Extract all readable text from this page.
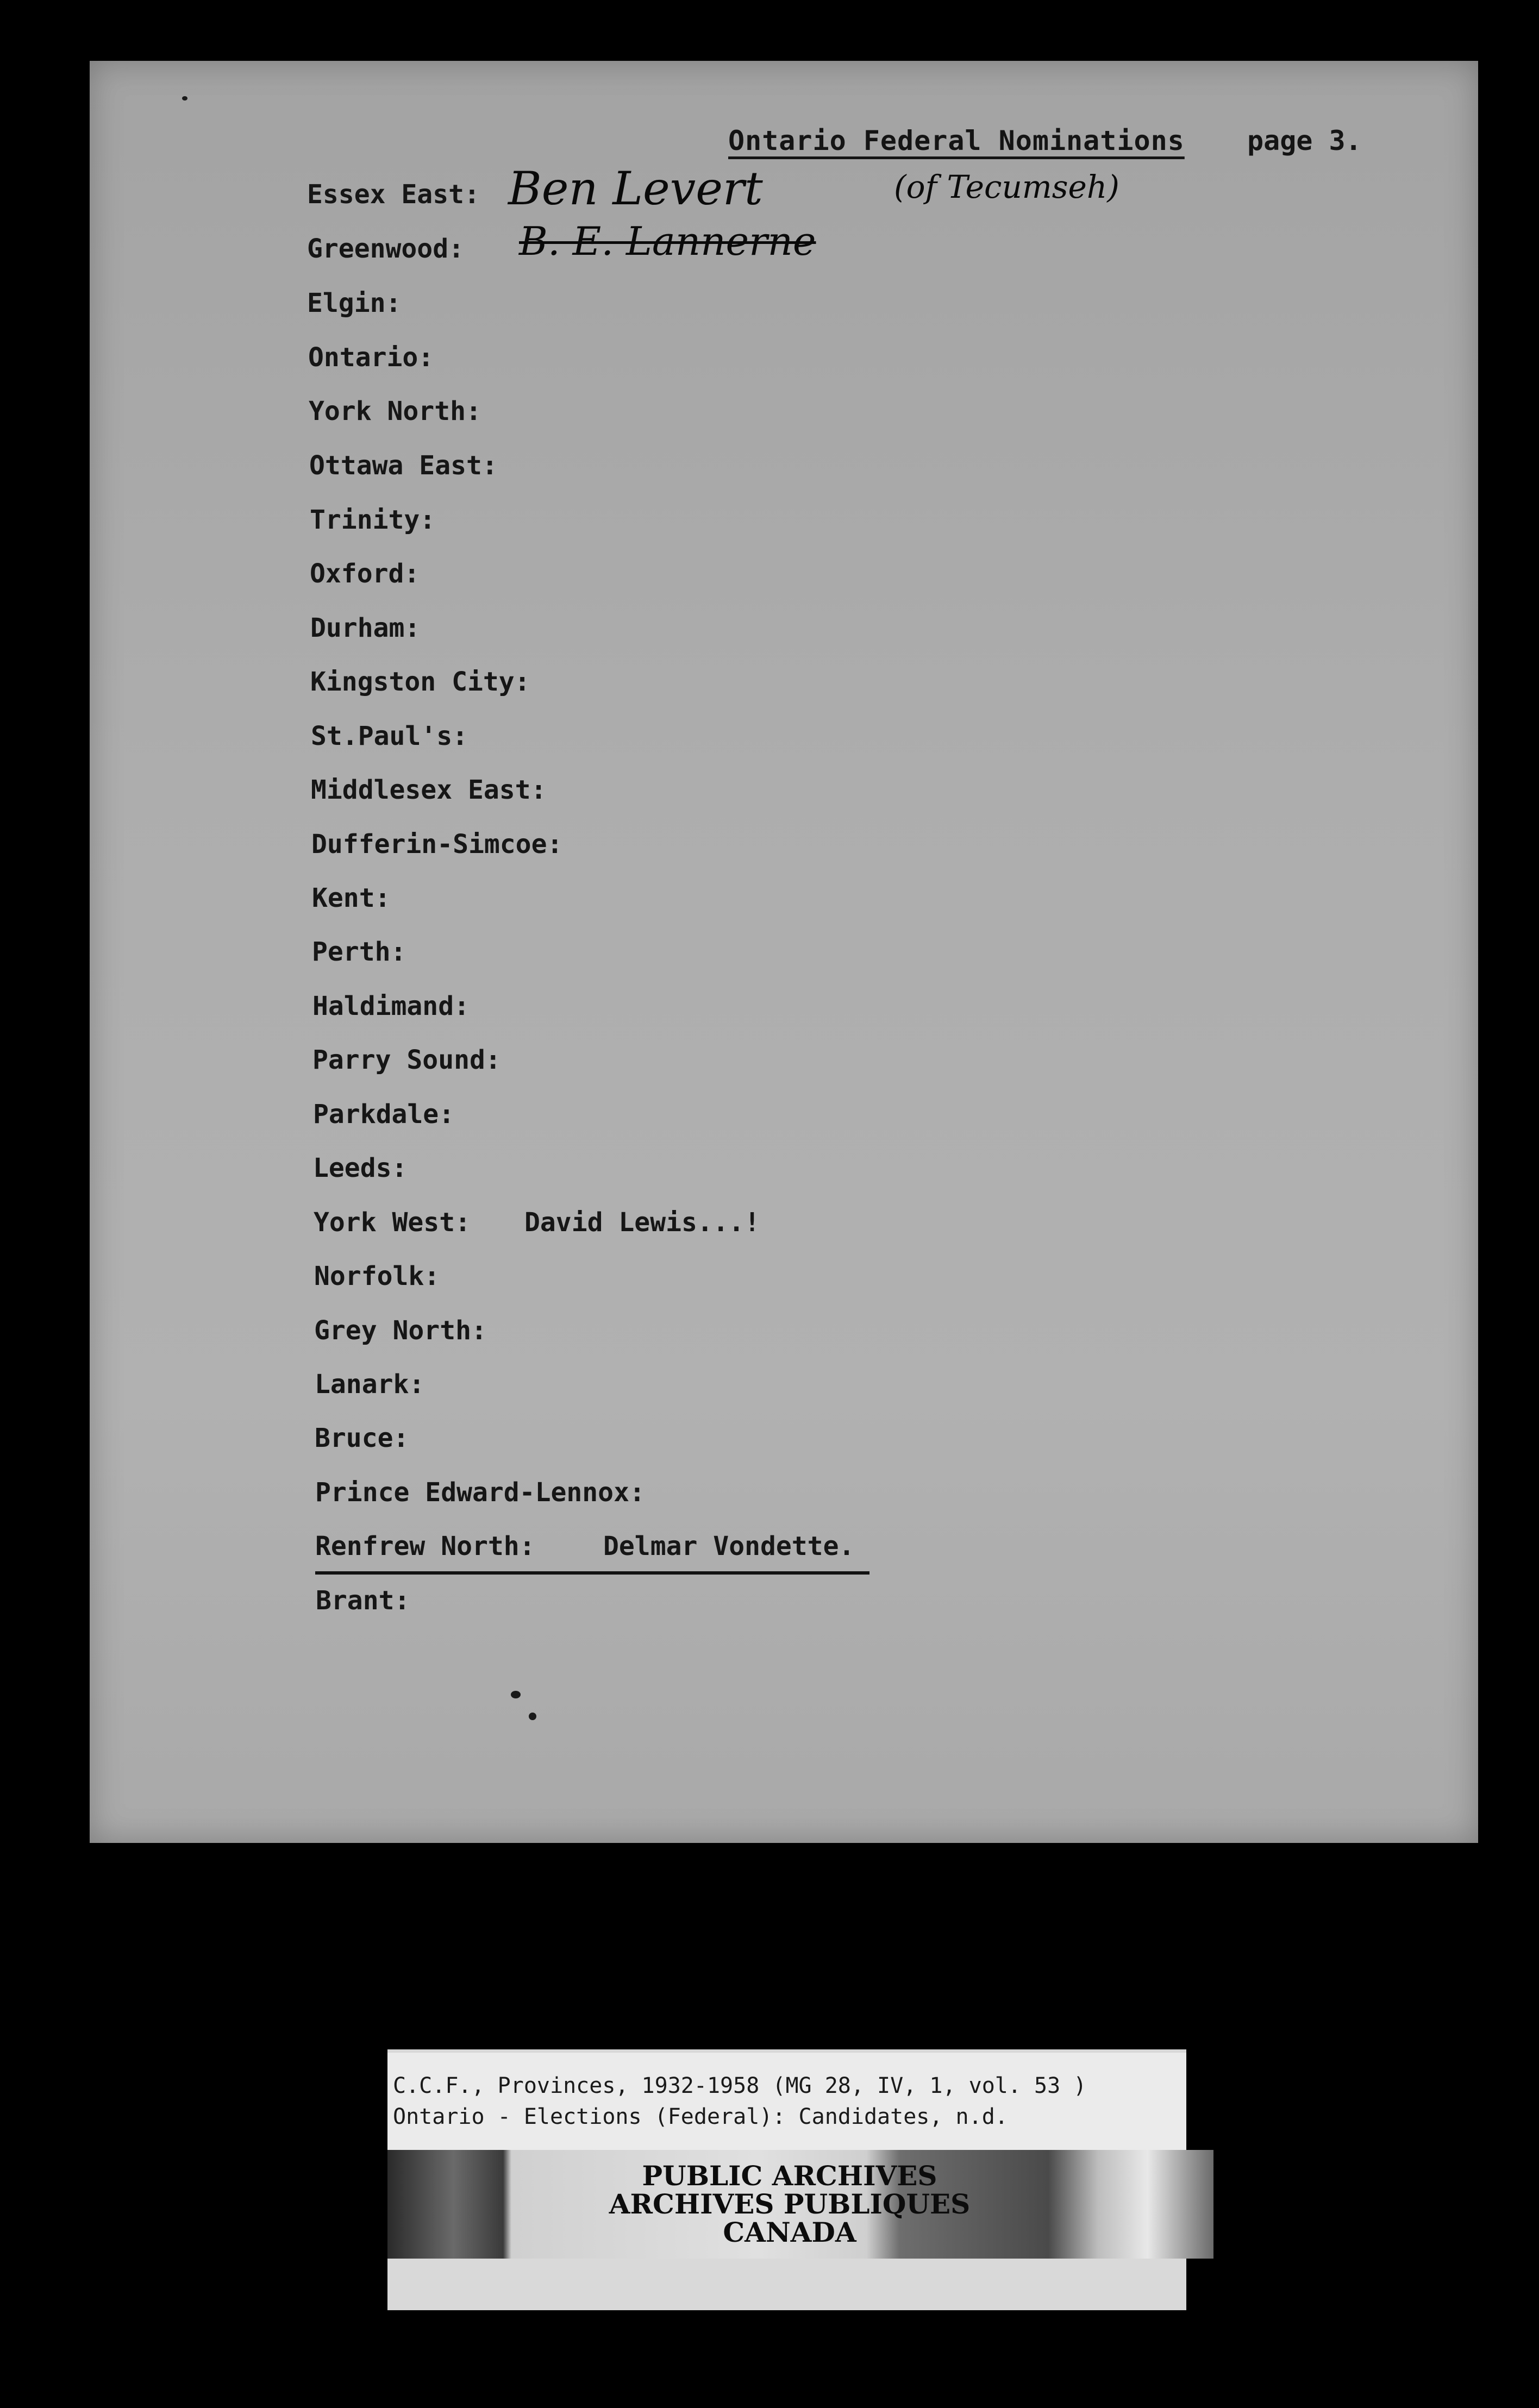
Ontario Federal Nominations page 3.
Essex East: Ben Levert	(of Tecumseh)
Greenwood: B. E. Lannerne
Elgin:
Ontario:
York North:
Ottawa East:
Trinity:
Oxford:
Durham:
Kingston City:
St.Paul's:
Middlesex East:
Dufferin-Simcoe:
Kent:
Perth:
Haldimand:
Parry Sound:
Parkdale:
Leeds:
York West: David Lewis...!
Norfolk:
Grey North:
Lanark:
Bruce:
Prince Edward-Lennox:
Renfrew North:	Delmar Vondette.
Brant:
C.C.F., Provinces, 1932-1958 (MG 28, IV, 1, vol. 53 )
Ontario - Elections (Federal): Candidates, n.d.
PUBLIC ARCHIVES
ARCHIVES PUBLIQUES
CANADA
